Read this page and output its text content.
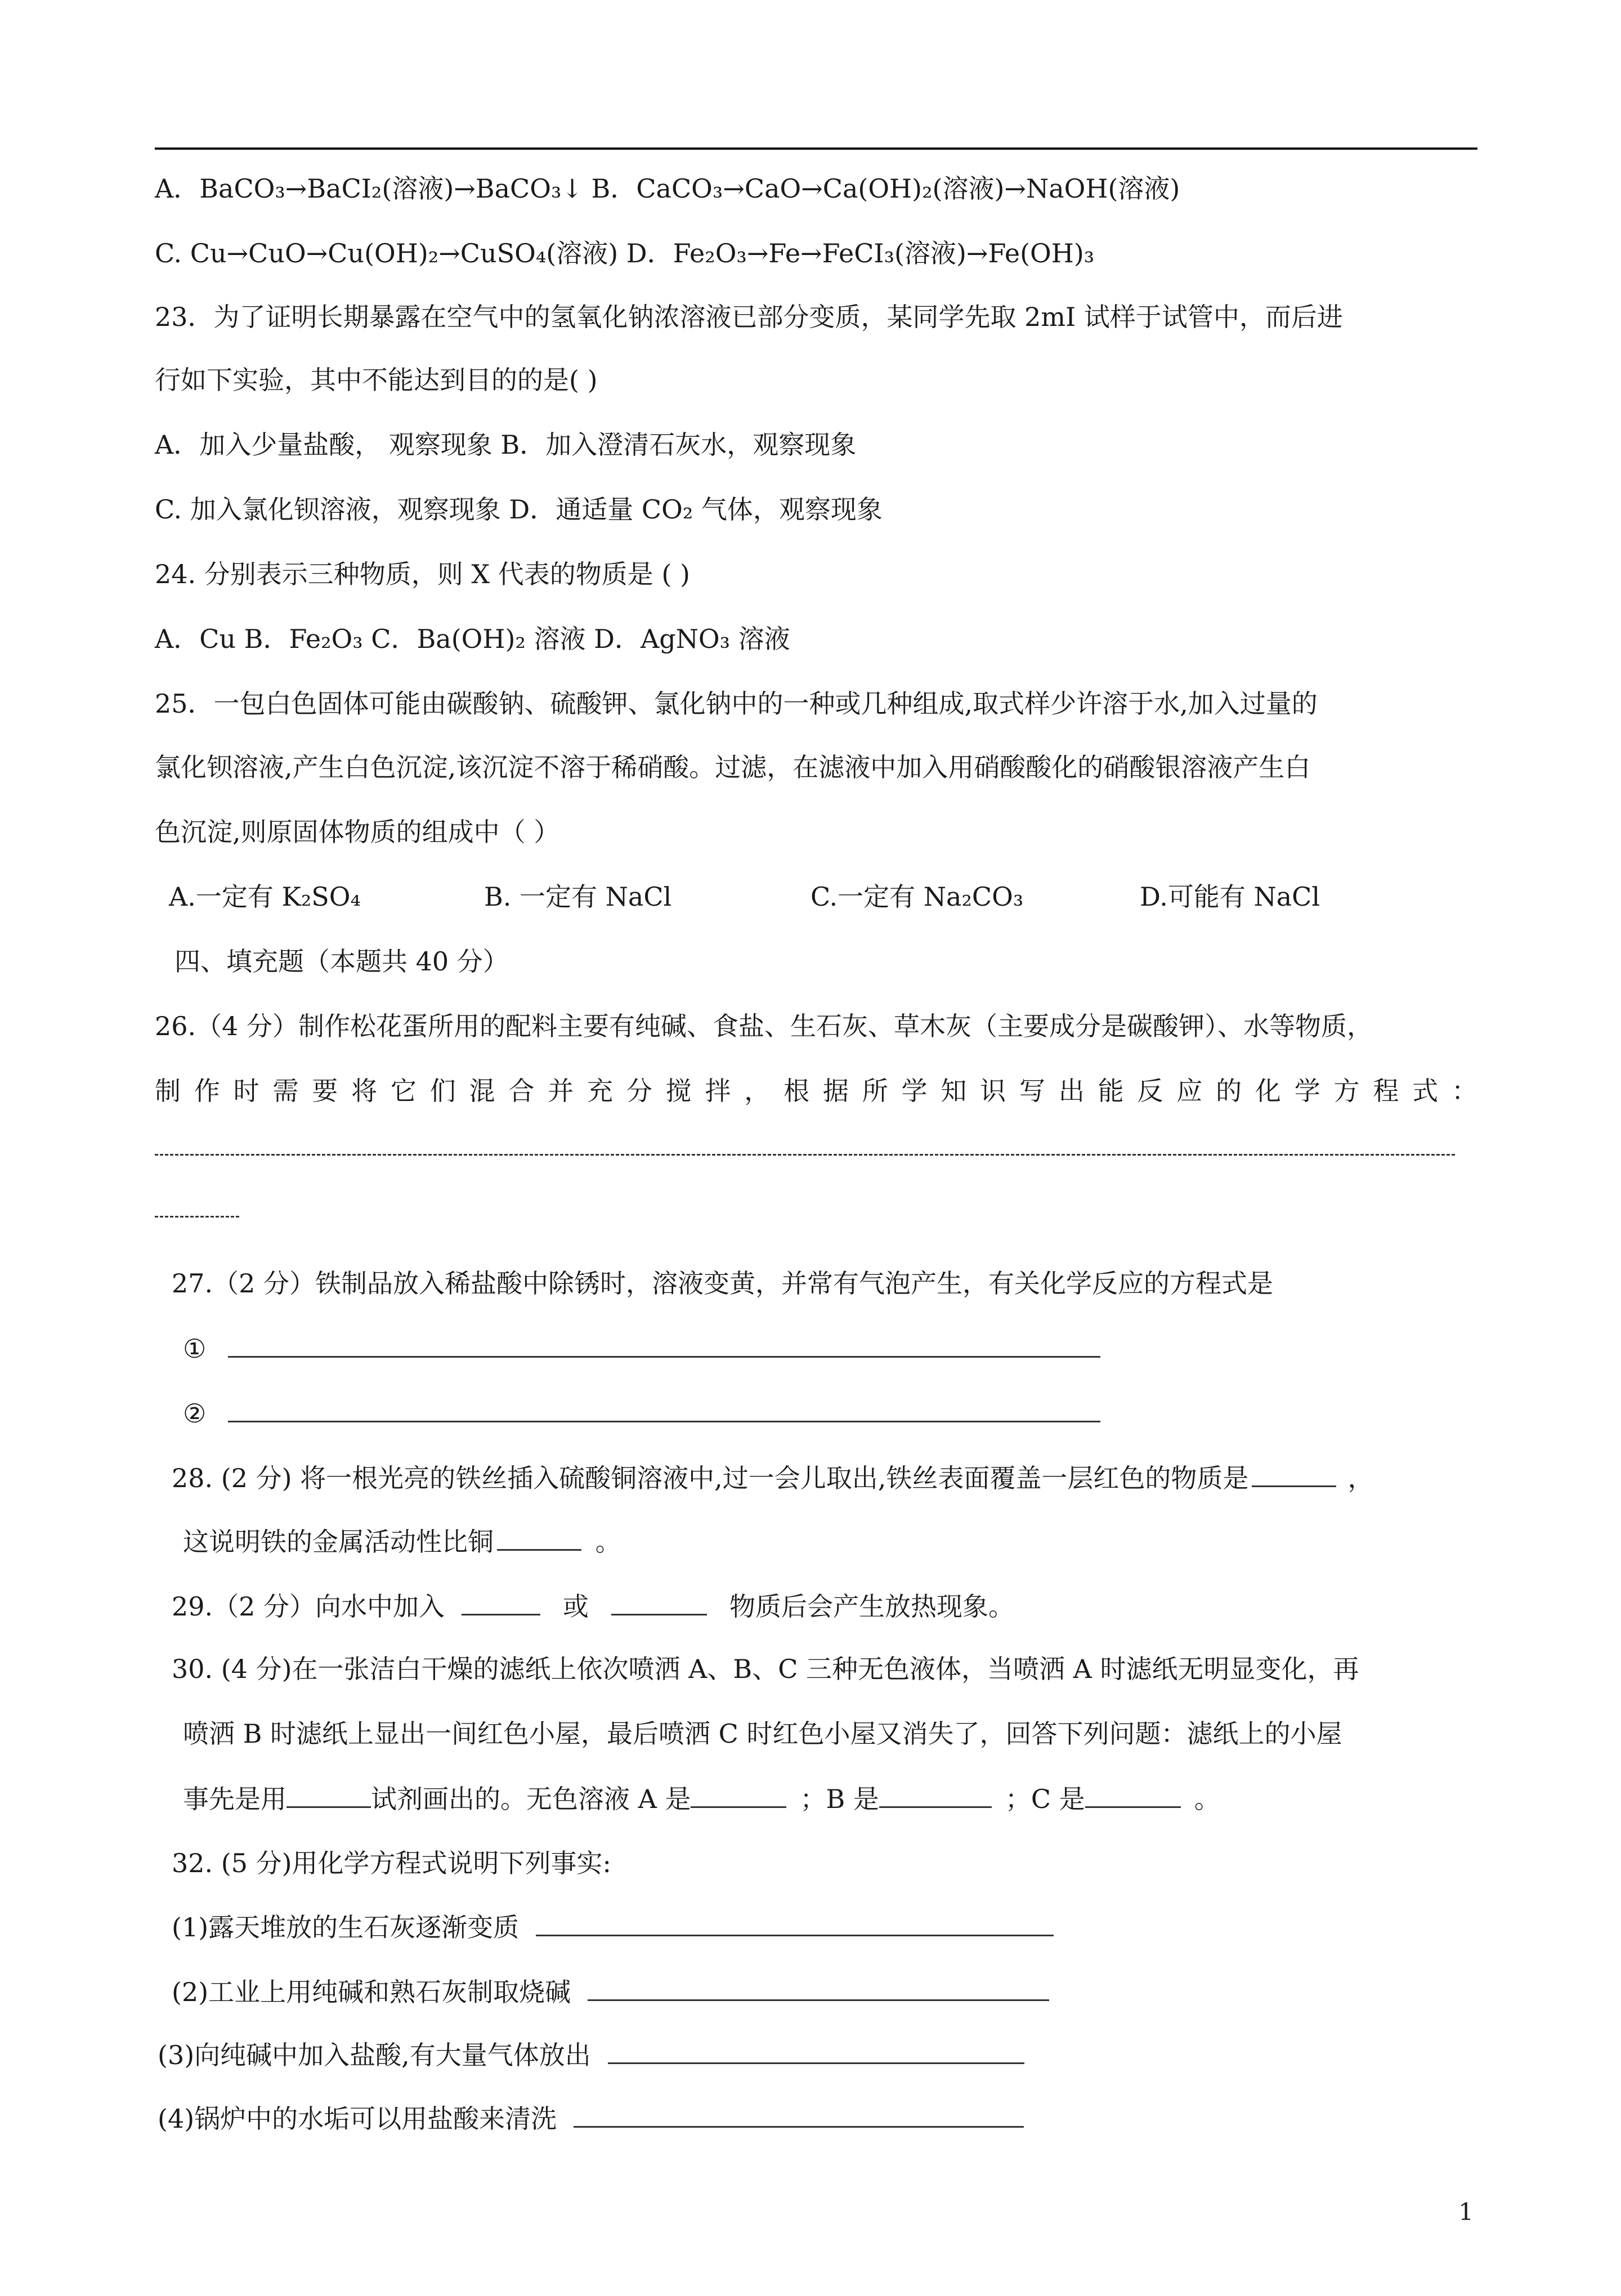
A．BaCO₃→BaCI₂(溶液)→BaCO₃↓ B．CaCO₃→CaO→Ca(OH)₂(溶液)→NaOH(溶液)
C. Cu→CuO→Cu(OH)₂→CuSO₄(溶液) D．Fe₂O₃→Fe→FeCI₃(溶液)→Fe(OH)₃
23．为了证明长期暴露在空气中的氢氧化钠浓溶液已部分变质，某同学先取 2mI 试样于试管中，而后进
行如下实验，其中不能达到目的的是( )
A．加入少量盐酸， 观察现象 B．加入澄清石灰水，观察现象
C. 加入氯化钡溶液，观察现象 D．通适量 CO₂ 气体，观察现象
24. 分别表示三种物质，则 X 代表的物质是 ( )
A．Cu B．Fe₂O₃ C．Ba(OH)₂ 溶液 D．AgNO₃ 溶液
25．一包白色固体可能由碳酸钠、硫酸钾、氯化钠中的一种或几种组成,取式样少许溶于水,加入过量的
氯化钡溶液,产生白色沉淀,该沉淀不溶于稀硝酸。过滤，在滤液中加入用硝酸酸化的硝酸银溶液产生白
色沉淀,则原固体物质的组成中（ ）
A.一定有 K₂SO₄	B. 一定有 NaCl	C.一定有 Na₂CO₃	D.可能有 NaCl
四、填充题（本题共 40 分）
26.（4 分）制作松花蛋所用的配料主要有纯碱、食盐、生石灰、草木灰（主要成分是碳酸钾）、水等物质，
制作时需要将它们混合并充分搅拌，根据所学知识写出能反应的化学方程式：
27.（2 分）铁制品放入稀盐酸中除锈时，溶液变黄，并常有气泡产生，有关化学反应的方程式是
①
②
28. (2 分) 将一根光亮的铁丝插入硫酸铜溶液中,过一会儿取出,铁丝表面覆盖一层红色的物质是	，
这说明铁的金属活动性比铜	。
29.（2 分）向水中加入	或	物质后会产生放热现象。
30. (4 分)在一张洁白干燥的滤纸上依次喷洒 A、B、C 三种无色液体，当喷洒 A 时滤纸无明显变化，再
喷洒 B 时滤纸上显出一间红色小屋，最后喷洒 C 时红色小屋又消失了，回答下列问题：滤纸上的小屋
事先是用	试剂画出的。无色溶液 A 是	；B 是	；C 是	。
32. (5 分)用化学方程式说明下列事实:
(1)露天堆放的生石灰逐渐变质
(2)工业上用纯碱和熟石灰制取烧碱
(3)向纯碱中加入盐酸,有大量气体放出
(4)锅炉中的水垢可以用盐酸来清洗
1
